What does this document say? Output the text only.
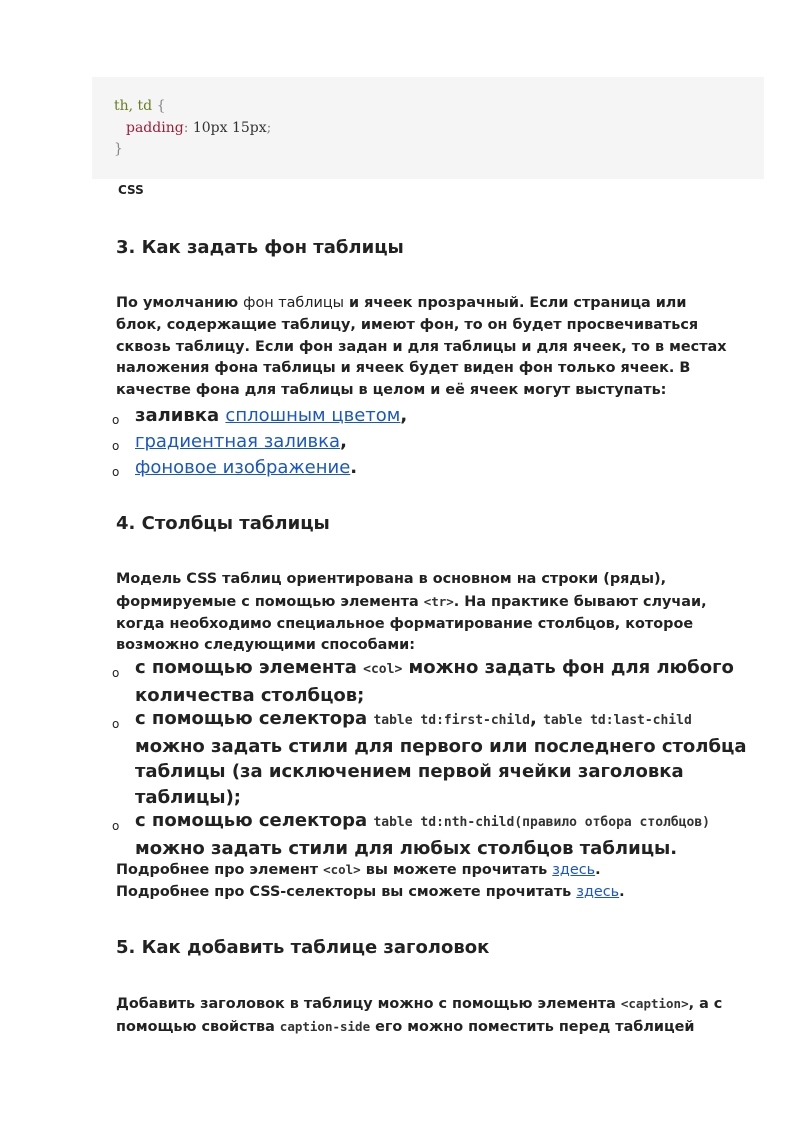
th, td {
padding: 10px 15px;
}
CSS
3. Как задать фон таблицы

По умолчанию фон таблицы и ячеек прозрачный. Если страница или блок, содержащие таблицу, имеют фон, то он будет просвечиваться сквозь таблицу. Если фон задан и для таблицы и для ячеек, то в местах наложения фона таблицы и ячеек будет виден фон только ячеек. В качестве фона для таблицы в целом и её ячеек могут выступать:

o заливка сплошным цветом,
o градиентная заливка,
o фоновое изображение.
4. Столбцы таблицы

Модель CSS таблиц ориентирована в основном на строки (ряды), формируемые с помощью элемента <tr>. На практике бывают случаи, когда необходимо специальное форматирование столбцов, которое возможно следующими способами:

o с помощью элемента <col> можно задать фон для любого количества столбцов;
o с помощью селектора table td:first-child, table td:last-child можно задать стили для первого или последнего столбца таблицы (за исключением первой ячейки заголовка таблицы);
o с помощью селектора table td:nth-child(правило отбора столбцов) можно задать стили для любых столбцов таблицы.
Подробнее про элемент <col> вы можете прочитать здесь.
Подробнее про CSS-селекторы вы сможете прочитать здесь.
5. Как добавить таблице заголовок

Добавить заголовок в таблицу можно с помощью элемента <caption>, а с помощью свойства caption-side его можно поместить перед таблицей
